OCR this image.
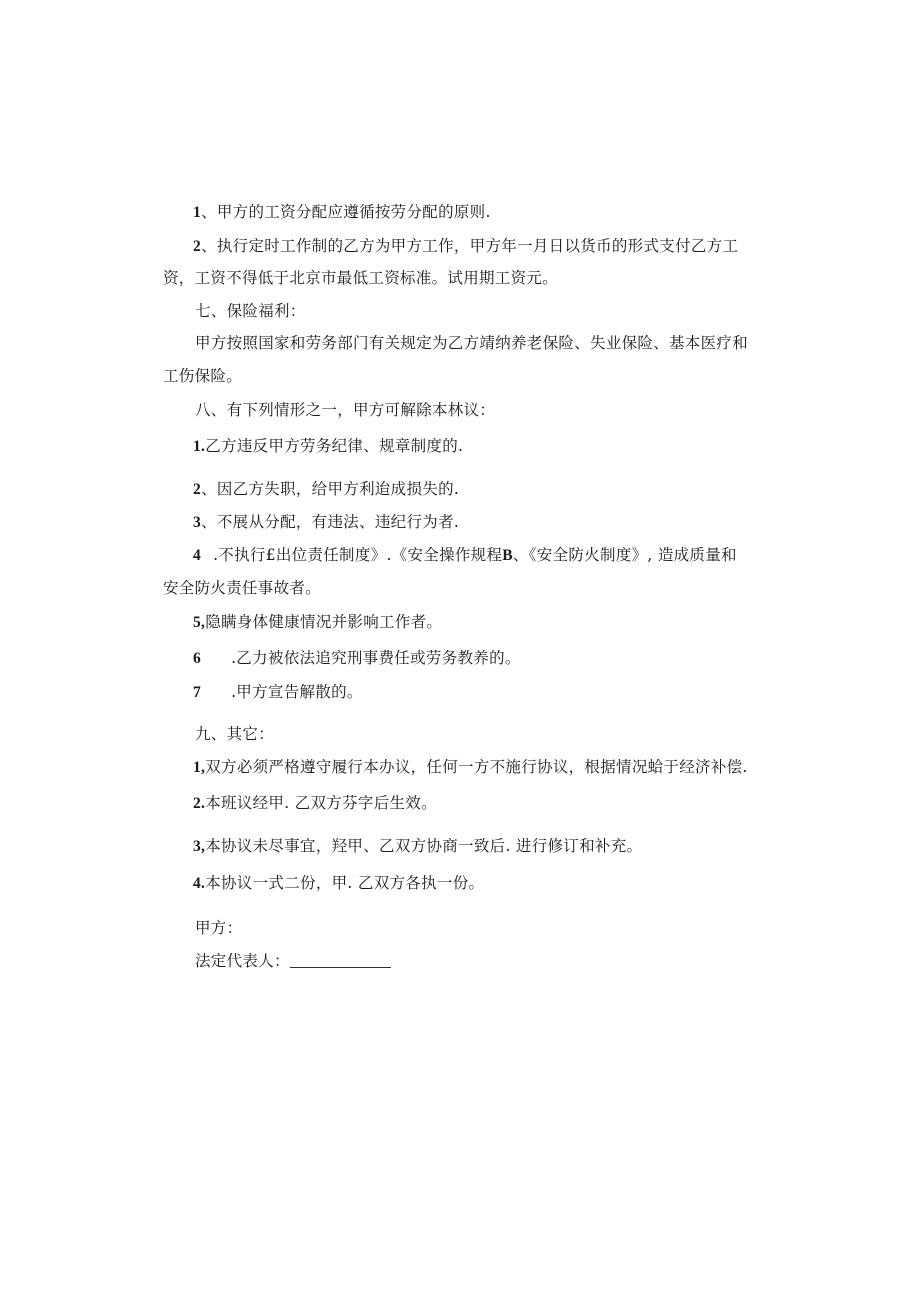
1、甲方的工资分配应遵循按劳分配的原则.
2、执行定时工作制的乙方为甲方工作，甲方年一月日以货币的形式支付乙方工
资，工资不得低于北京市最低工资标准。试用期工资元。
七、保险福利：
甲方按照国家和劳务部门有关规定为乙方靖纳养老保险、失业保险、基本医疗和
工伤保险。
八、有下列情形之一，甲方可解除本林议：
1.乙方违反甲方劳务纪律、规章制度的.
2、因乙方失职，给甲方利迨成损失的.
3、不展从分配，有违法、违纪行为者.
4 .不执行£出位责任制度》.《安全操作规程B、《安全防火制度》, 造成质量和
安全防火责任事故者。
5,隐瞒身体健康情况并影响工作者。
6 .乙力被依法追究刑事费任或劳务教养的。
7 .甲方宣告解散的。
九、其它：
1,双方必须严格遵守履行本办议，任何一方不施行协议，根据情况蛤于经济补偿.
2.本班议经甲. 乙双方芬字后生效。
3,本协议未尽事宜，羟甲、乙双方协商一致后. 进行修订和补充。
4.本协议一式二份，甲. 乙双方各执一份。
甲方：
法定代表人：
